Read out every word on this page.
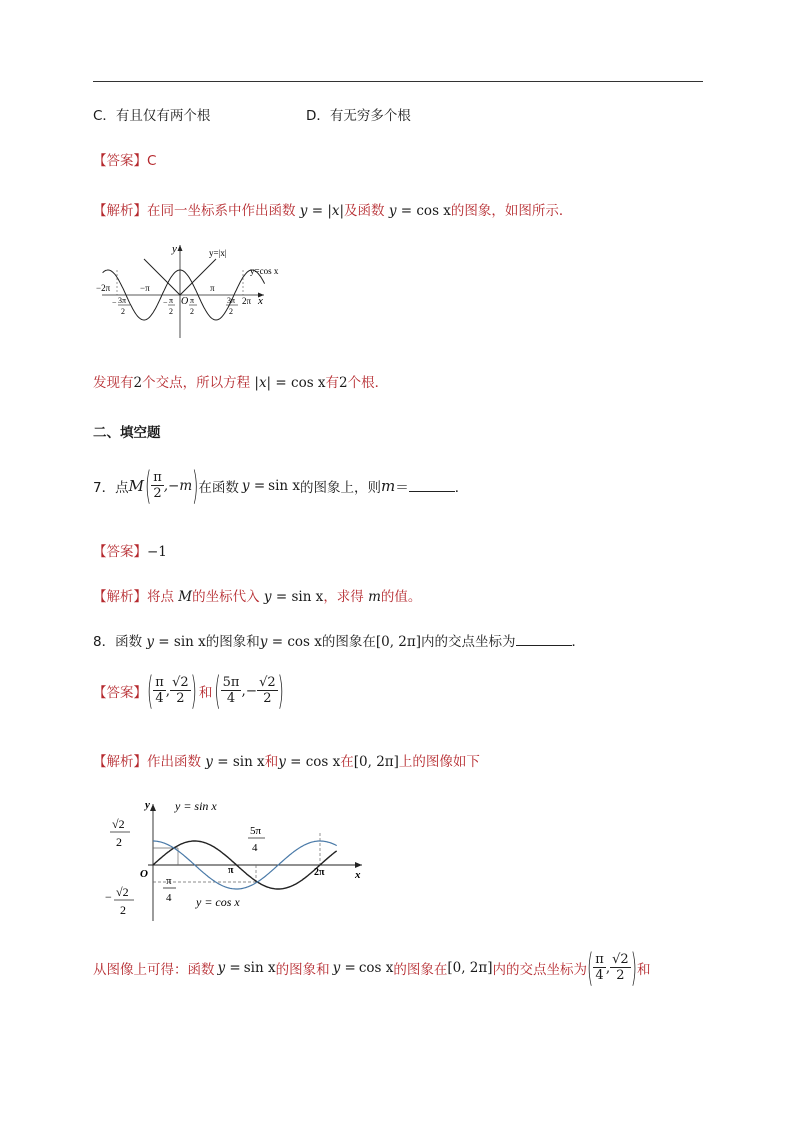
C．有且仅有两个根	D．有无穷多个根
【答案】C
【解析】在同一坐标系中作出函数 y = |x|及函数 y = cos x的图象，如图所示．
y
x
y=|x|
y=cos x
−2π	−π
O
π
2π
− 3π
2
− π
2
π
2
3π
2
发现有2个交点，所以方程 |x| = cos x有2个根．
二、填空题
7．点 M ( $\frac{\pi}{2} ,-m$ ) 在函数 y = sin x 的图象上，则 m ＝	．
【答案】−1
【解析】将点 M的坐标代入 y = sin x，求得 m的值。
8．函数 y = sin x的图象和y = cos x的图象在[0, 2π]内的交点坐标为	．
【答案】 ( $\frac{\pi}{4}$ , $\frac{√2}{2}$ ) 和 ( $\frac{5\pi}{4}$ ,− $\frac{√2}{2}$ )
【解析】作出函数 y = sin x和y = cos x在[0, 2π]上的图像如下
y = sin x
y = cos x
y
x
O	π	2π
√2
2
− √2
2
π
4
5π
4
从图像上可得：函数 y = sin x 的图象和 y = cos x 的图象在 [0, 2π] 内的交点坐标为 ( $\frac{\pi}{4}$ , $\frac{√2}{2}$ ) 和
